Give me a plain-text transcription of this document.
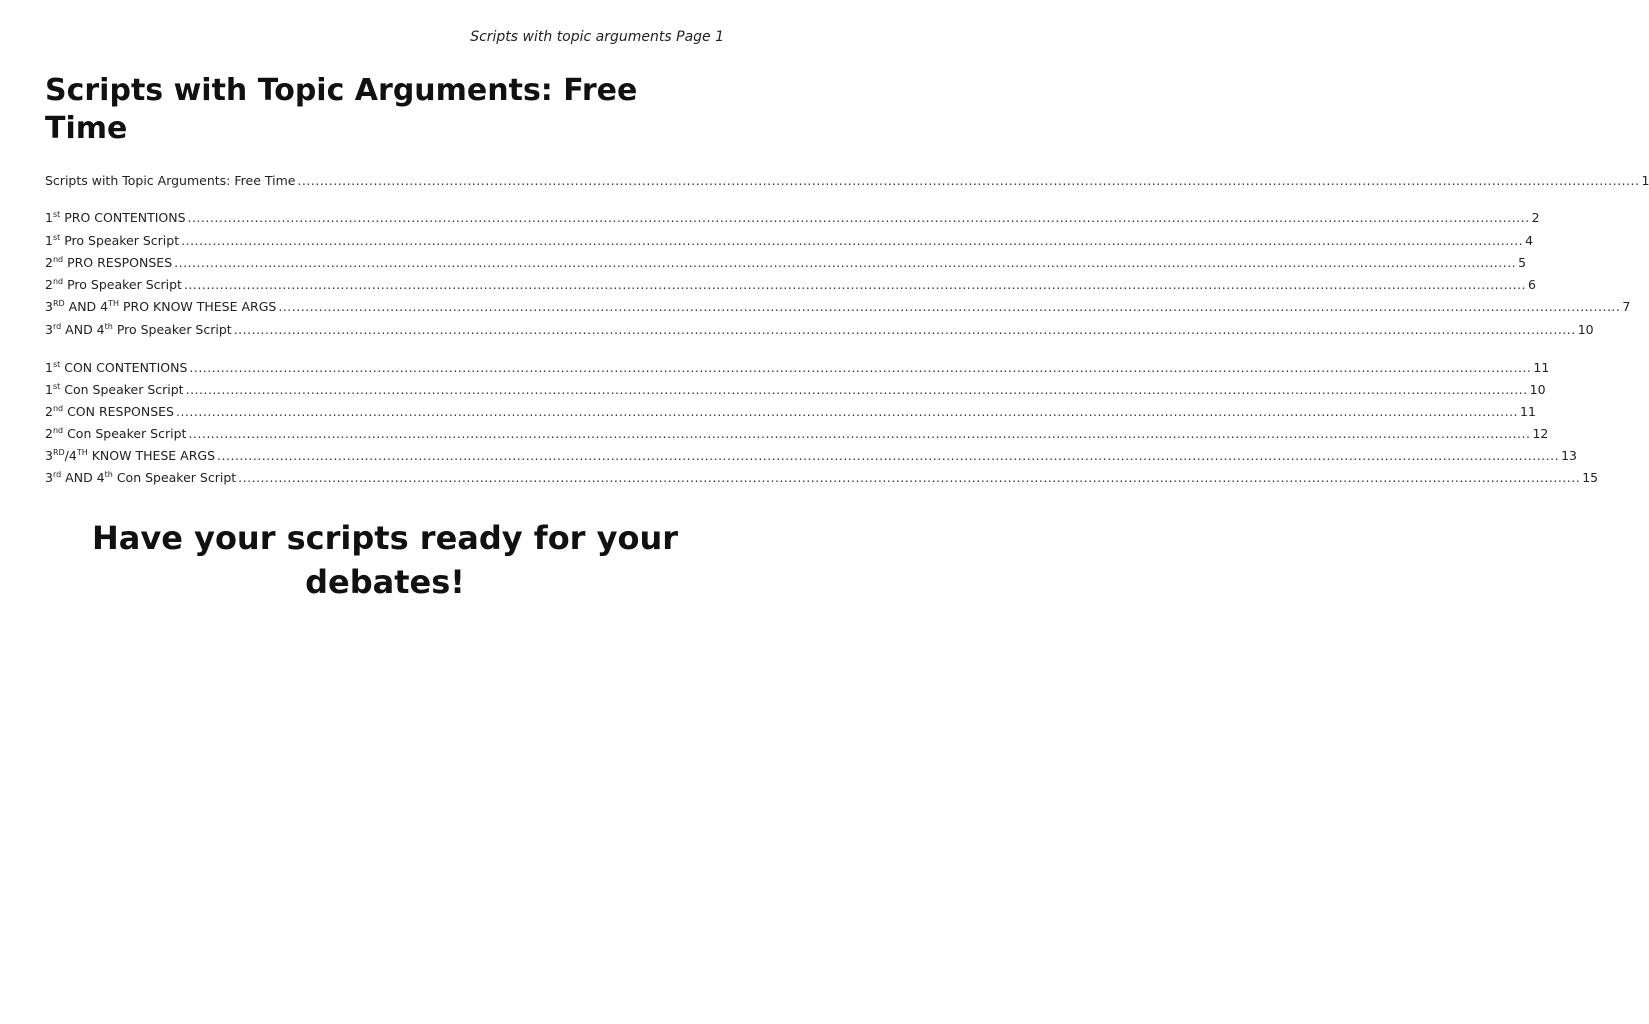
Scripts with topic arguments Page 1
Scripts with Topic Arguments: Free Time
Scripts with Topic Arguments: Free Time ............................................................................................................................................................................................................................................................................................................ 1
1st PRO CONTENTIONS ............................................................................................................................................................................................................................................................................................................ 2
1st Pro Speaker Script ............................................................................................................................................................................................................................................................................................................ 4
2nd PRO RESPONSES ............................................................................................................................................................................................................................................................................................................ 5
2nd Pro Speaker Script ............................................................................................................................................................................................................................................................................................................ 6
3RD AND 4TH PRO KNOW THESE ARGS ............................................................................................................................................................................................................................................................................................................ 7
3rd AND 4th Pro Speaker Script ............................................................................................................................................................................................................................................................................................................ 10
1st CON CONTENTIONS ............................................................................................................................................................................................................................................................................................................ 11
1st Con Speaker Script ............................................................................................................................................................................................................................................................................................................ 10
2nd CON RESPONSES ............................................................................................................................................................................................................................................................................................................ 11
2nd Con Speaker Script ............................................................................................................................................................................................................................................................................................................ 12
3RD/4TH KNOW THESE ARGS ............................................................................................................................................................................................................................................................................................................ 13
3rd AND 4th Con Speaker Script ............................................................................................................................................................................................................................................................................................................ 15
Have your scripts ready for your
debates!
